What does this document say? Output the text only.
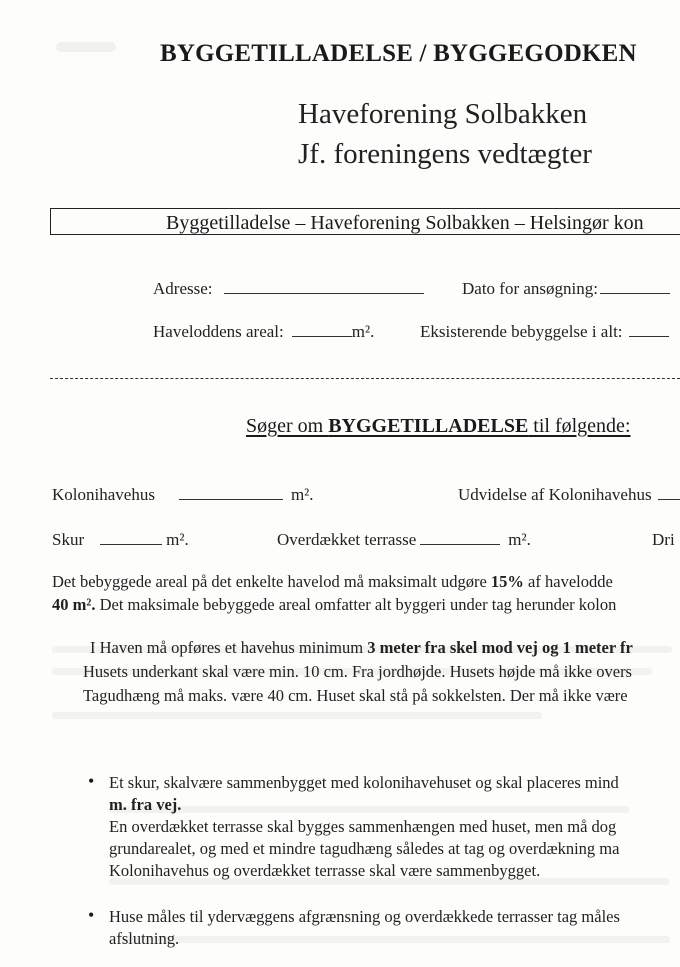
BYGGETILLADELSE / BYGGEGODKEN
Haveforening Solbakken
Jf. foreningens vedtægter
Byggetilladelse – Haveforening Solbakken – Helsingør kon
Adresse:	Dato for ansøgning:
Haveloddens areal:	m².	Eksisterende bebyggelse i alt:
Søger om BYGGETILLADELSE til følgende:
Kolonihavehus	m².	Udvidelse af Kolonihavehus
Skur	m².	Overdækket terrasse	m².	Dri
Det bebyggede areal på det enkelte havelod må maksimalt udgøre 15% af havelodde
40 m². Det maksimale bebyggede areal omfatter alt byggeri under tag herunder kolon
I Haven må opføres et havehus minimum 3 meter fra skel mod vej og 1 meter fr
Husets underkant skal være min. 10 cm. Fra jordhøjde. Husets højde må ikke overs
Tagudhæng må maks. være 40 cm. Huset skal stå på sokkelsten. Der må ikke være
• Et skur, skalvære sammenbygget med kolonihavehuset og skal placeres mind
m. fra vej.
En overdækket terrasse skal bygges sammenhængen med huset, men må dog
grundarealet, og med et mindre tagudhæng således at tag og overdækning ma
Kolonihavehus og overdækket terrasse skal være sammenbygget.
• Huse måles til ydervæggens afgrænsning og overdækkede terrasser tag måles
afslutning.
